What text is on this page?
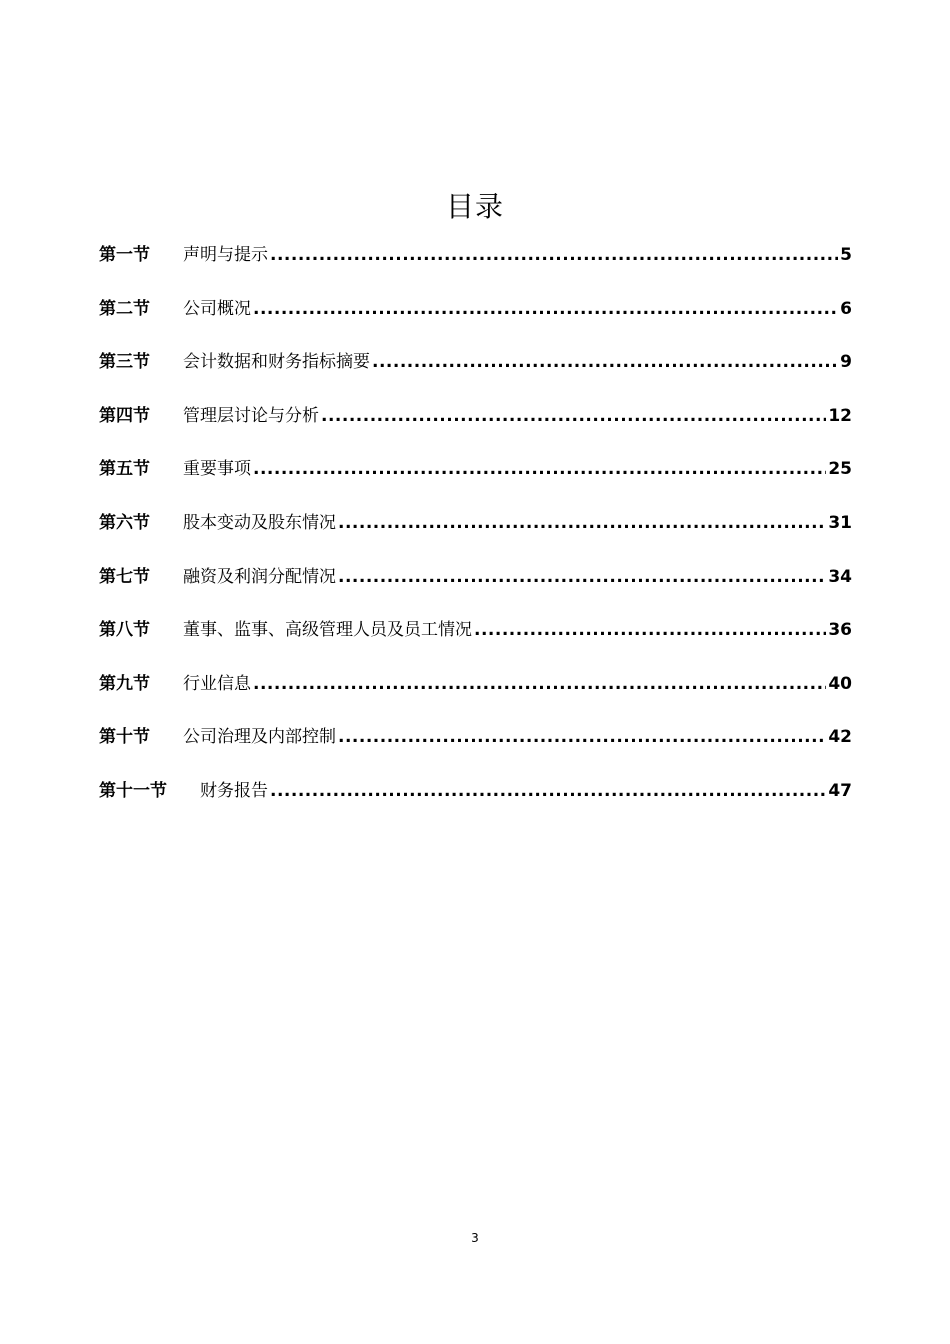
目录
第一节	声明与提示 .....	5
第二节	公司概况 .....	6
第三节	会计数据和财务指标摘要 .....	9
第四节	管理层讨论与分析 .....	12
第五节	重要事项 .....	25
第六节	股本变动及股东情况 .....	31
第七节	融资及利润分配情况 .....	34
第八节	董事、监事、高级管理人员及员工情况 .....	36
第九节	行业信息 .....	40
第十节	公司治理及内部控制 .....	42
第十一节	财务报告 .....	47
3
